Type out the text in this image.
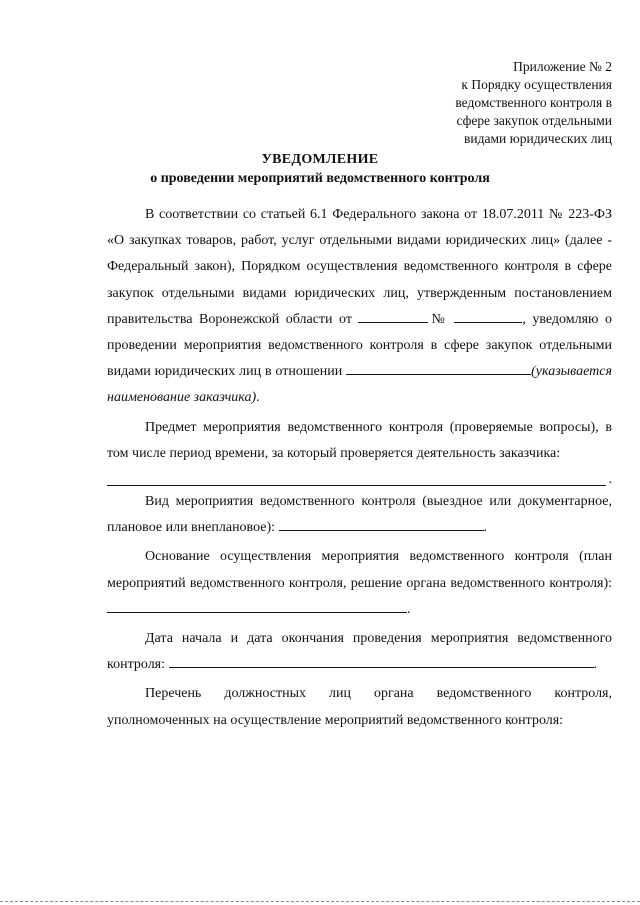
Приложение № 2
к Порядку осуществления
ведомственного контроля в
сфере закупок отдельными
видами юридических лиц
УВЕДОМЛЕНИЕ
о проведении мероприятий ведомственного контроля

В соответствии со статьей 6.1 Федерального закона от 18.07.2011 № 223-ФЗ «О закупках товаров, работ, услуг отдельными видами юридических лиц» (далее - Федеральный закон), Порядком осуществления ведомственного контроля в сфере закупок отдельными видами юридических лиц, утвержденным постановлением правительства Воронежской области от	№	, уведомляю о проведении мероприятия ведомственного контроля в сфере закупок отдельными видами юридических лиц в отношении	(указывается наименование заказчика).

Предмет мероприятия ведомственного контроля (проверяемые вопросы), в том числе период времени, за который проверяется деятельность заказчика:

.

Вид мероприятия ведомственного контроля (выездное или документарное, плановое или внеплановое):	.

Основание осуществления мероприятия ведомственного контроля (план мероприятий ведомственного контроля, решение органа ведомственного контроля): .

Дата начала и дата окончания проведения мероприятия ведомственного контроля:	.

Перечень должностных лиц органа ведомственного контроля, уполномоченных на осуществление мероприятий ведомственного контроля:
